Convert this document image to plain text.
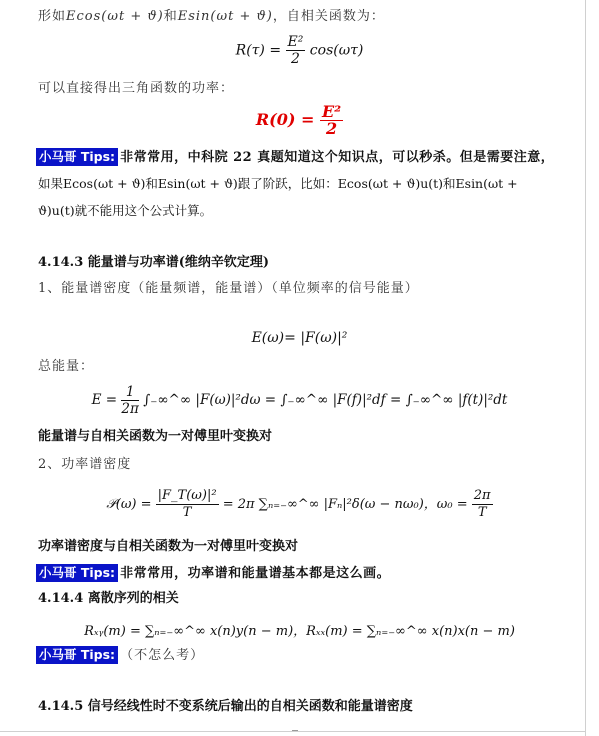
形如Ecos(ωt + ϑ)和Esin(ωt + ϑ)，自相关函数为：
$R(\tau) = \frac{\text{E²}}{2} \cos(\omega\tau)$
可以直接得出三角函数的功率：
$R(0) = \frac{\text{E²}}{2}$
小马哥 Tips: 非常常用，中科院 22 真题知道这个知识点，可以秒杀。但是需要注意，
如果Ecos(ωt + ϑ)和Esin(ωt + ϑ)跟了阶跃，比如：Ecos(ωt + ϑ)u(t)和Esin(ωt +
ϑ)u(t)就不能用这个公式计算。
4.14.3 能量谱与功率谱(维纳辛钦定理)
1、能量谱密度（能量频谱，能量谱）（单位频率的信号能量）
E(ω)= |F(ω)|²
总能量：
$E = \frac{1}{2\pi}$ ∫₋∞^∞ |F(ω)|²dω = ∫₋∞^∞ |F(f)|²df = ∫₋∞^∞ |f(t)|²dt
能量谱与自相关函数为一对傅里叶变换对
2、功率谱密度
𝒫(ω) = $\frac{\text{|F\_T(ω)|²}}{T} = 2\pi$ ∑ₙ₌₋∞^∞ |Fₙ|²δ(ω − nω₀)，$\omega_0 = \frac{2\pi}{T}$
功率谱密度与自相关函数为一对傅里叶变换对
小马哥 Tips: 非常常用，功率谱和能量谱基本都是这么画。
4.14.4 离散序列的相关
Rₓᵧ(m) = ∑ₙ₌₋∞^∞ x(n)y(n − m)，Rₓₓ(m) = ∑ₙ₌₋∞^∞ x(n)x(n − m)
小马哥 Tips: （不怎么考）
4.14.5 信号经线性时不变系统后输出的自相关函数和能量谱密度
